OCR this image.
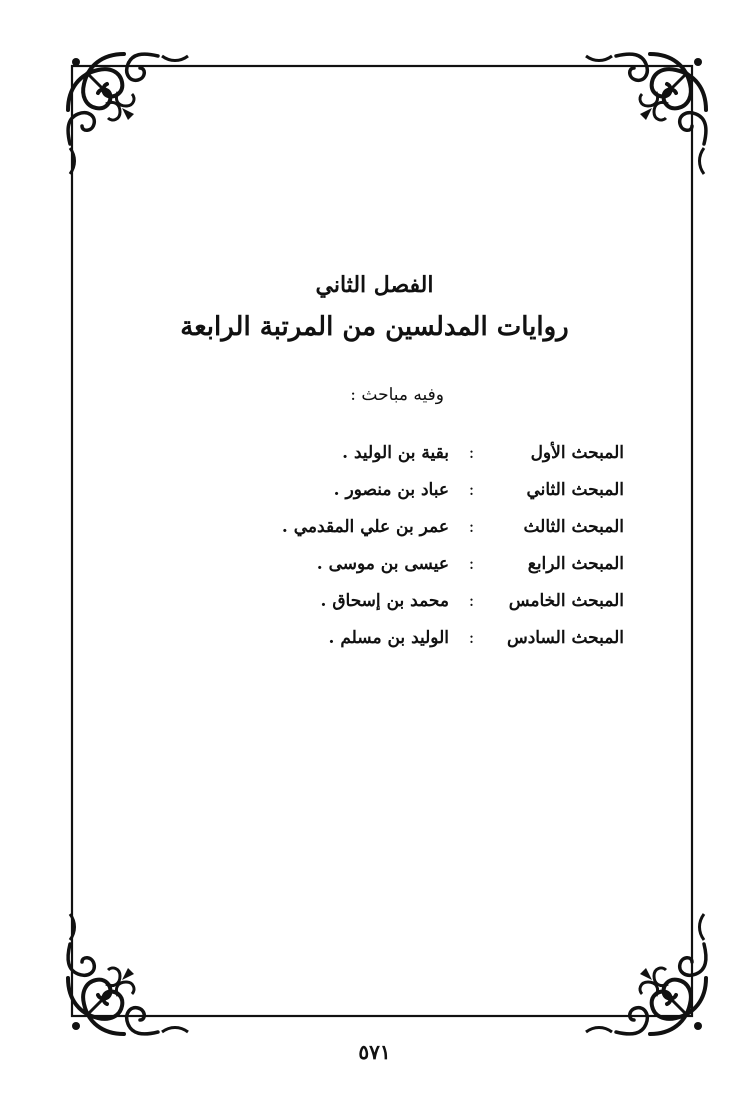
الفصل الثاني
روايات المدلسين من المرتبة الرابعة

وفيه مباحث :

المبحث الأول
:
بقية بن الوليد .
المبحث الثاني
:
عباد بن منصور .
المبحث الثالث
:
عمر بن علي المقدمي .
المبحث الرابع
:
عيسى بن موسى .
المبحث الخامس
:
محمد بن إسحاق .
المبحث السادس
:
الوليد بن مسلم .
٥٧١
